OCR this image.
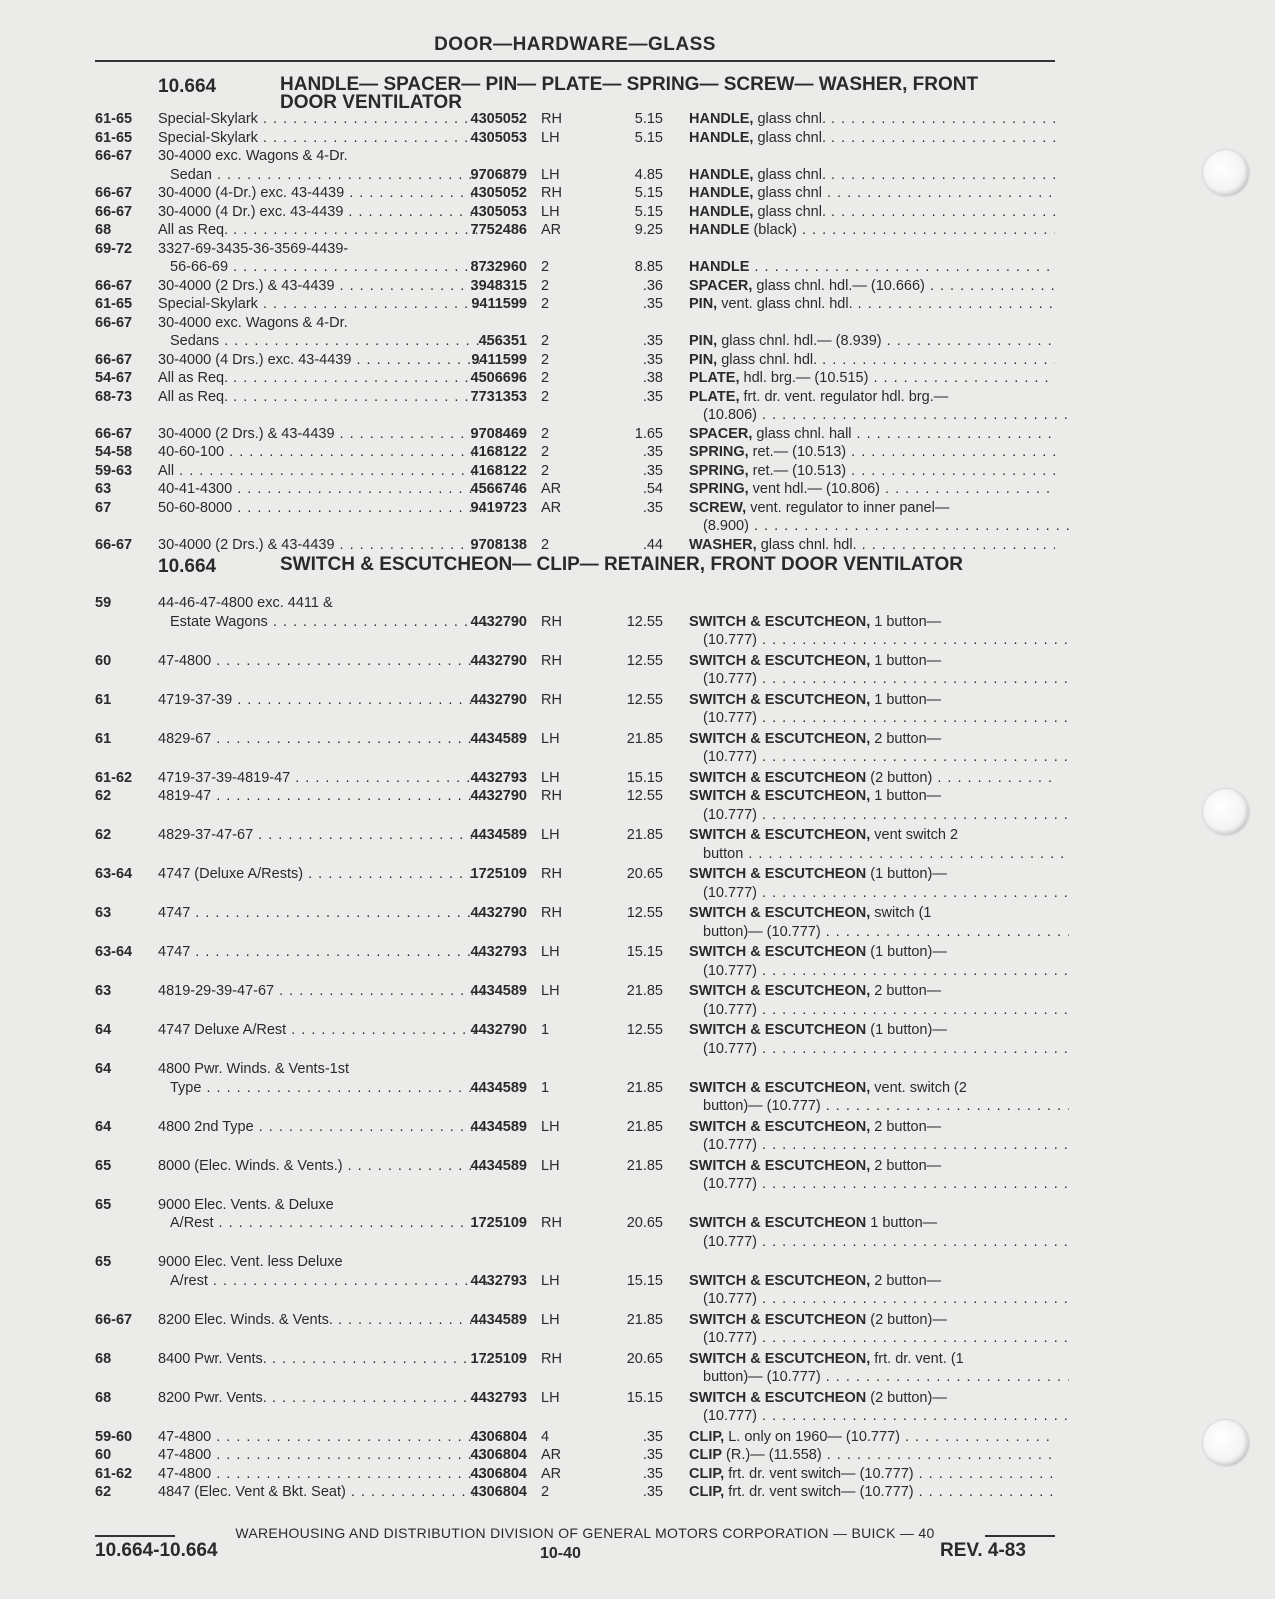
DOOR—HARDWARE—GLASS
10.664	HANDLE— SPACER— PIN— PLATE— SPRING— SCREW— WASHER, FRONT DOOR VENTILATOR
61-65 Special-Skylark . . .	4305052 RH	5.15 HANDLE, glass chnl. . . .
61-65 Special-Skylark . . .	4305053 LH	5.15 HANDLE, glass chnl. . . .
66-67 30-4000 exc. Wagons & 4-Dr.
Sedan . . .	9706879 LH	4.85 HANDLE, glass chnl. . . .
66-67 30-4000 (4-Dr.) exc. 43-4439 . . .	4305052 RH	5.15 HANDLE, glass chnl . . .
66-67 30-4000 (4 Dr.) exc. 43-4439 . . .	4305053 LH	5.15 HANDLE, glass chnl. . . .
68	All as Req. . . .	7752486 AR	9.25 HANDLE (black) . . .
69-72 3327-69-3435-36-3569-4439-
56-66-69 . . .	8732960 2	8.85 HANDLE . . .
66-67 30-4000 (2 Drs.) & 43-4439 . . .	3948315 2	.36 SPACER, glass chnl. hdl.— (10.666) . . .
61-65 Special-Skylark . . .	9411599 2	.35 PIN, vent. glass chnl. hdl. . . .
66-67 30-4000 exc. Wagons & 4-Dr.
Sedans . . .	456351 2	.35 PIN, glass chnl. hdl.— (8.939) . . .
66-67 30-4000 (4 Drs.) exc. 43-4439 . . .	9411599 2	.35 PIN, glass chnl. hdl. . . .
54-67 All as Req. . . .	4506696 2	.38 PLATE, hdl. brg.— (10.515) . . .
68-73 All as Req. . . .	7731353 2	.35 PLATE, frt. dr. vent. regulator hdl. brg.—
(10.806) . . .
66-67 30-4000 (2 Drs.) & 43-4439 . . .	9708469 2	1.65 SPACER, glass chnl. hall . . .
54-58 40-60-100 . . .	4168122 2	.35 SPRING, ret.— (10.513) . . .
59-63 All . . .	4168122 2	.35 SPRING, ret.— (10.513) . . .
63	40-41-4300 . . .	4566746 AR	.54 SPRING, vent hdl.— (10.806) . . .
67	50-60-8000 . . .	9419723 AR	.35 SCREW, vent. regulator to inner panel—
(8.900) . . .
66-67 30-4000 (2 Drs.) & 43-4439 . . .	9708138 2	.44 WASHER, glass chnl. hdl. . . .
10.664	SWITCH & ESCUTCHEON— CLIP— RETAINER, FRONT DOOR VENTILATOR
59	44-46-47-4800 exc. 4411 &
Estate Wagons . . .	4432790 RH	12.55 SWITCH & ESCUTCHEON, 1 button—
(10.777) . . .
60	47-4800 . . .	4432790 RH	12.55 SWITCH & ESCUTCHEON, 1 button—
(10.777) . . .
61	4719-37-39 . . .	4432790 RH	12.55 SWITCH & ESCUTCHEON, 1 button—
(10.777) . . .
61	4829-67 . . .	4434589 LH	21.85 SWITCH & ESCUTCHEON, 2 button—
(10.777) . . .
61-62 4719-37-39-4819-47 . . .	4432793 LH	15.15 SWITCH & ESCUTCHEON (2 button) . . .
62	4819-47 . . .	4432790 RH	12.55 SWITCH & ESCUTCHEON, 1 button—
(10.777) . . .
62	4829-37-47-67 . . .	4434589 LH	21.85 SWITCH & ESCUTCHEON, vent switch 2
button . . .
63-64 4747 (Deluxe A/Rests) . . .	1725109 RH	20.65 SWITCH & ESCUTCHEON (1 button)—
(10.777) . . .
63	4747 . . .	4432790 RH	12.55 SWITCH & ESCUTCHEON, switch (1
button)— (10.777) . . .
63-64 4747 . . .	4432793 LH	15.15 SWITCH & ESCUTCHEON (1 button)—
(10.777) . . .
63	4819-29-39-47-67 . . .	4434589 LH	21.85 SWITCH & ESCUTCHEON, 2 button—
(10.777) . . .
64	4747 Deluxe A/Rest . . .	4432790 1	12.55 SWITCH & ESCUTCHEON (1 button)—
(10.777) . . .
64	4800 Pwr. Winds. & Vents-1st
Type . . .	4434589 1	21.85 SWITCH & ESCUTCHEON, vent. switch (2
button)— (10.777) . . .
64	4800 2nd Type . . .	4434589 LH	21.85 SWITCH & ESCUTCHEON, 2 button—
(10.777) . . .
65	8000 (Elec. Winds. & Vents.) . . .	4434589 LH	21.85 SWITCH & ESCUTCHEON, 2 button—
(10.777) . . .
65	9000 Elec. Vents. & Deluxe
A/Rest . . .	1725109 RH	20.65 SWITCH & ESCUTCHEON 1 button—
(10.777) . . .
65	9000 Elec. Vent. less Deluxe
A/rest . . .	4432793 LH	15.15 SWITCH & ESCUTCHEON, 2 button—
(10.777) . . .
66-67 8200 Elec. Winds. & Vents. . . .	4434589 LH	21.85 SWITCH & ESCUTCHEON (2 button)—
(10.777) . . .
68	8400 Pwr. Vents. . . .	1725109 RH	20.65 SWITCH & ESCUTCHEON, frt. dr. vent. (1
button)— (10.777) . . .
68	8200 Pwr. Vents. . . .	4432793 LH	15.15 SWITCH & ESCUTCHEON (2 button)—
(10.777) . . .
59-60 47-4800 . . .	4306804 4	.35 CLIP, L. only on 1960— (10.777) . . .
60	47-4800 . . .	4306804 AR	.35 CLIP (R.)— (11.558) . . .
61-62 47-4800 . . .	4306804 AR	.35 CLIP, frt. dr. vent switch— (10.777) . . .
62	4847 (Elec. Vent & Bkt. Seat) . . .	4306804 2	.35 CLIP, frt. dr. vent switch— (10.777) . . .
WAREHOUSING AND DISTRIBUTION DIVISION OF GENERAL MOTORS CORPORATION — BUICK — 40
10.664-10.664	10-40	REV. 4-83
